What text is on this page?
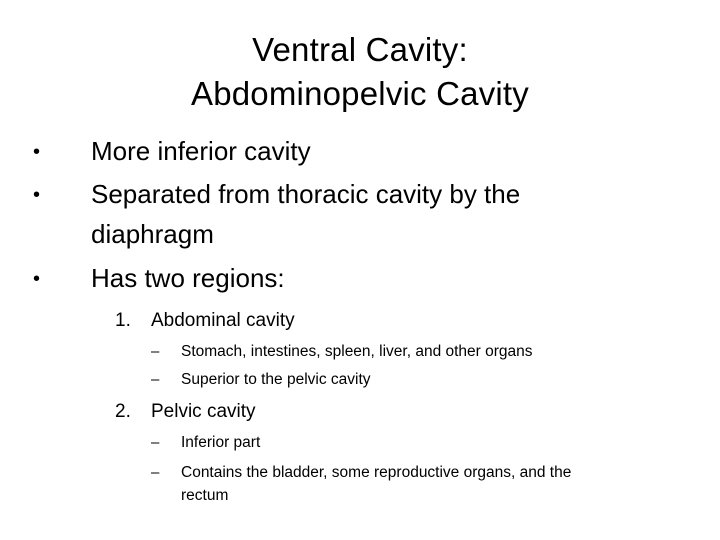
Ventral Cavity:
Abdominopelvic Cavity
• More inferior cavity
• Separated from thoracic cavity by the
diaphragm
• Has two regions:
1. Abdominal cavity
– Stomach, intestines, spleen, liver, and other organs
– Superior to the pelvic cavity
2. Pelvic cavity
– Inferior part
– Contains the bladder, some reproductive organs, and the
rectum
